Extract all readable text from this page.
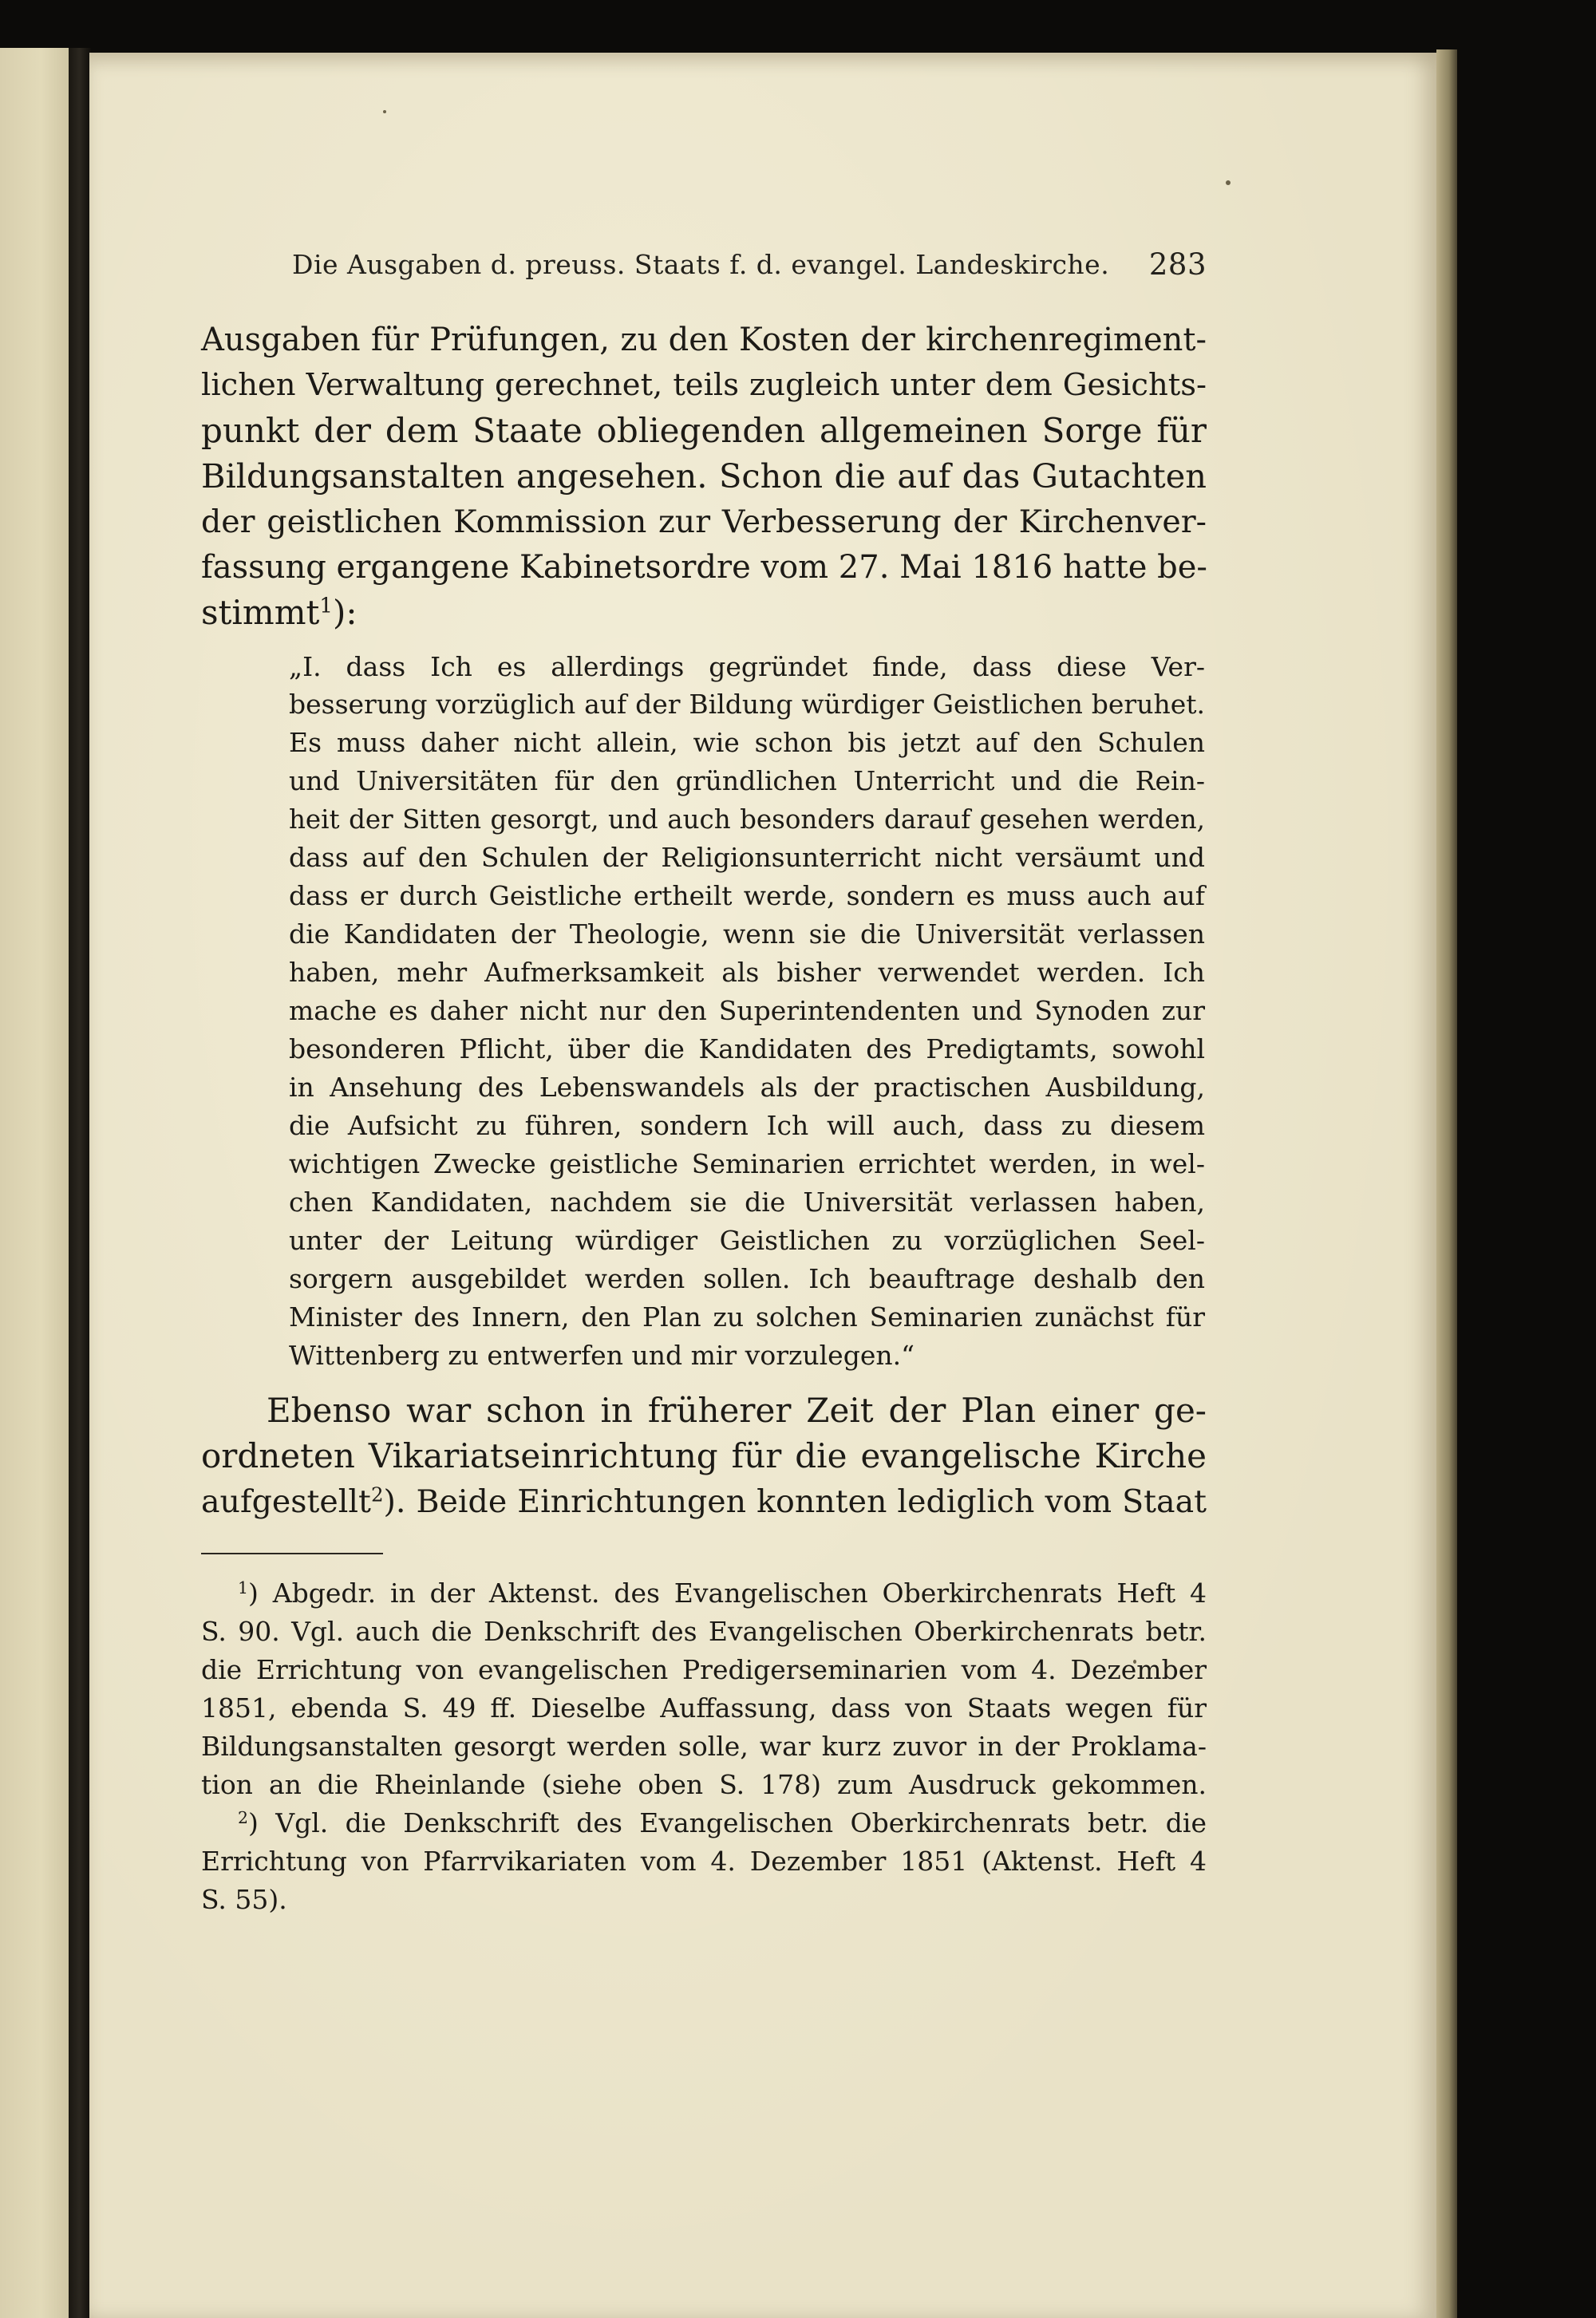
Die Ausgaben d. preuss. Staats f. d. evangel. Landeskirche. 283
Ausgaben für Prüfungen, zu den Kosten der kirchenregiment-
lichen Verwaltung gerechnet, teils zugleich unter dem Gesichts-
punkt der dem Staate obliegenden allgemeinen Sorge für
Bildungsanstalten angesehen. Schon die auf das Gutachten
der geistlichen Kommission zur Verbesserung der Kirchenver-
fassung ergangene Kabinetsordre vom 27. Mai 1816 hatte be-
stimmt$^1$):
„I. dass Ich es allerdings gegründet finde, dass diese Ver-
besserung vorzüglich auf der Bildung würdiger Geistlichen beruhet.
Es muss daher nicht allein, wie schon bis jetzt auf den Schulen
und Universitäten für den gründlichen Unterricht und die Rein-
heit der Sitten gesorgt, und auch besonders darauf gesehen werden,
dass auf den Schulen der Religionsunterricht nicht versäumt und
dass er durch Geistliche ertheilt werde, sondern es muss auch auf
die Kandidaten der Theologie, wenn sie die Universität verlassen
haben, mehr Aufmerksamkeit als bisher verwendet werden. Ich
mache es daher nicht nur den Superintendenten und Synoden zur
besonderen Pflicht, über die Kandidaten des Predigtamts, sowohl
in Ansehung des Lebenswandels als der practischen Ausbildung,
die Aufsicht zu führen, sondern Ich will auch, dass zu diesem
wichtigen Zwecke geistliche Seminarien errichtet werden, in wel-
chen Kandidaten, nachdem sie die Universität verlassen haben,
unter der Leitung würdiger Geistlichen zu vorzüglichen Seel-
sorgern ausgebildet werden sollen. Ich beauftrage deshalb den
Minister des Innern, den Plan zu solchen Seminarien zunächst für
Wittenberg zu entwerfen und mir vorzulegen.“
Ebenso war schon in früherer Zeit der Plan einer ge-
ordneten Vikariatseinrichtung für die evangelische Kirche
aufgestellt$^2$). Beide Einrichtungen konnten lediglich vom Staat
$^1$) Abgedr. in der Aktenst. des Evangelischen Oberkirchenrats Heft 4
S. 90. Vgl. auch die Denkschrift des Evangelischen Oberkirchenrats betr.
die Errichtung von evangelischen Predigerseminarien vom 4. Dezember
1851, ebenda S. 49 ff. Dieselbe Auffassung, dass von Staats wegen für
Bildungsanstalten gesorgt werden solle, war kurz zuvor in der Proklama-
tion an die Rheinlande (siehe oben S. 178) zum Ausdruck gekommen.
$^2$) Vgl. die Denkschrift des Evangelischen Oberkirchenrats betr. die
Errichtung von Pfarrvikariaten vom 4. Dezember 1851 (Aktenst. Heft 4
S. 55).
